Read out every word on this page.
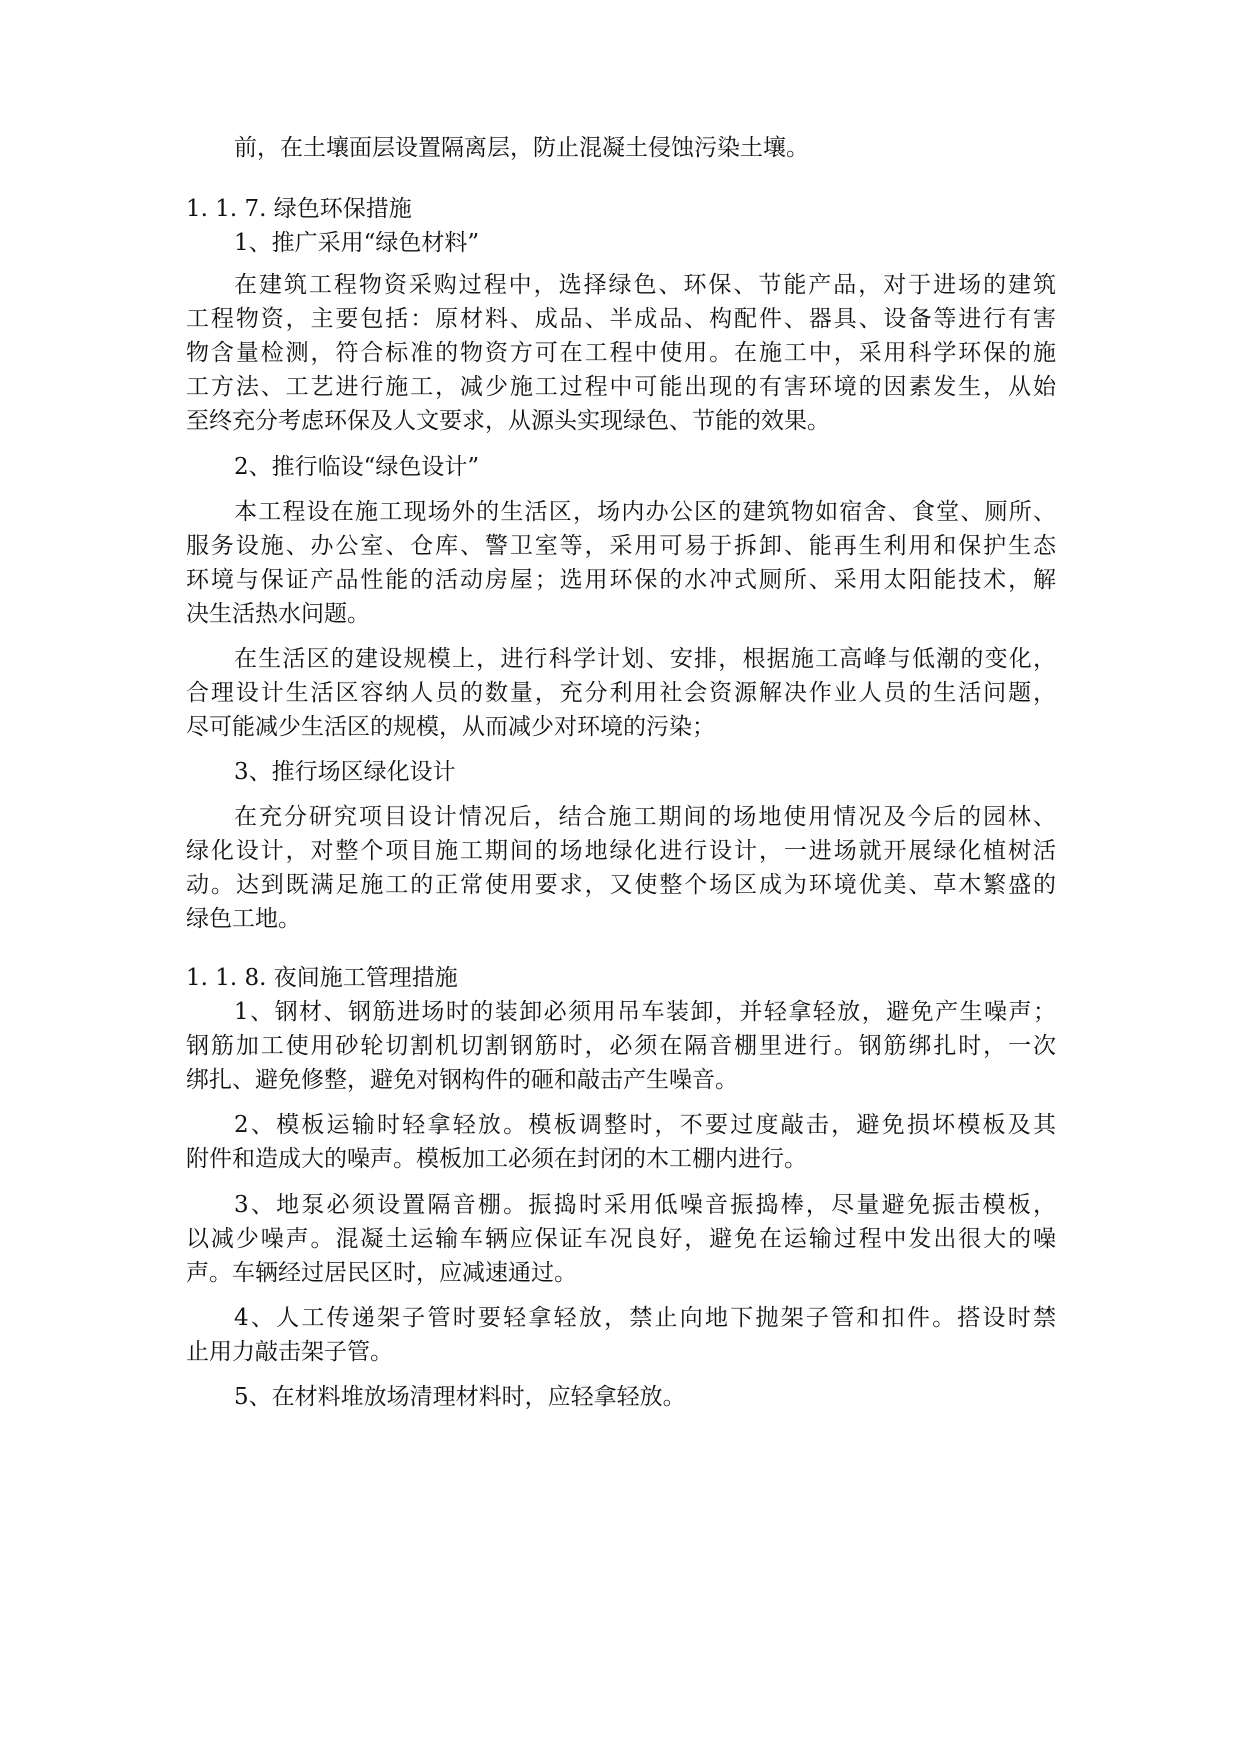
前，在土壤面层设置隔离层，防止混凝土侵蚀污染土壤。
1. 1. 7. 绿色环保措施
1、推广采用“绿色材料”
在建筑工程物资采购过程中，选择绿色、环保、节能产品，对于进场的建筑
工程物资，主要包括：原材料、成品、半成品、构配件、器具、设备等进行有害
物含量检测，符合标准的物资方可在工程中使用。在施工中，采用科学环保的施
工方法、工艺进行施工，减少施工过程中可能出现的有害环境的因素发生，从始
至终充分考虑环保及人文要求，从源头实现绿色、节能的效果。
2、推行临设“绿色设计”
本工程设在施工现场外的生活区，场内办公区的建筑物如宿舍、食堂、厕所、
服务设施、办公室、仓库、警卫室等，采用可易于拆卸、能再生利用和保护生态
环境与保证产品性能的活动房屋；选用环保的水冲式厕所、采用太阳能技术，解
决生活热水问题。
在生活区的建设规模上，进行科学计划、安排，根据施工高峰与低潮的变化，
合理设计生活区容纳人员的数量，充分利用社会资源解决作业人员的生活问题，
尽可能减少生活区的规模，从而减少对环境的污染；
3、推行场区绿化设计
在充分研究项目设计情况后，结合施工期间的场地使用情况及今后的园林、
绿化设计，对整个项目施工期间的场地绿化进行设计，一进场就开展绿化植树活
动。达到既满足施工的正常使用要求，又使整个场区成为环境优美、草木繁盛的
绿色工地。
1. 1. 8. 夜间施工管理措施
1、钢材、钢筋进场时的装卸必须用吊车装卸，并轻拿轻放，避免产生噪声；
钢筋加工使用砂轮切割机切割钢筋时，必须在隔音棚里进行。钢筋绑扎时，一次
绑扎、避免修整，避免对钢构件的砸和敲击产生噪音。
2、模板运输时轻拿轻放。模板调整时，不要过度敲击，避免损坏模板及其
附件和造成大的噪声。模板加工必须在封闭的木工棚内进行。
3、地泵必须设置隔音棚。振捣时采用低噪音振捣棒，尽量避免振击模板，
以减少噪声。混凝土运输车辆应保证车况良好，避免在运输过程中发出很大的噪
声。车辆经过居民区时，应减速通过。
4、人工传递架子管时要轻拿轻放，禁止向地下抛架子管和扣件。搭设时禁
止用力敲击架子管。
5、在材料堆放场清理材料时，应轻拿轻放。
